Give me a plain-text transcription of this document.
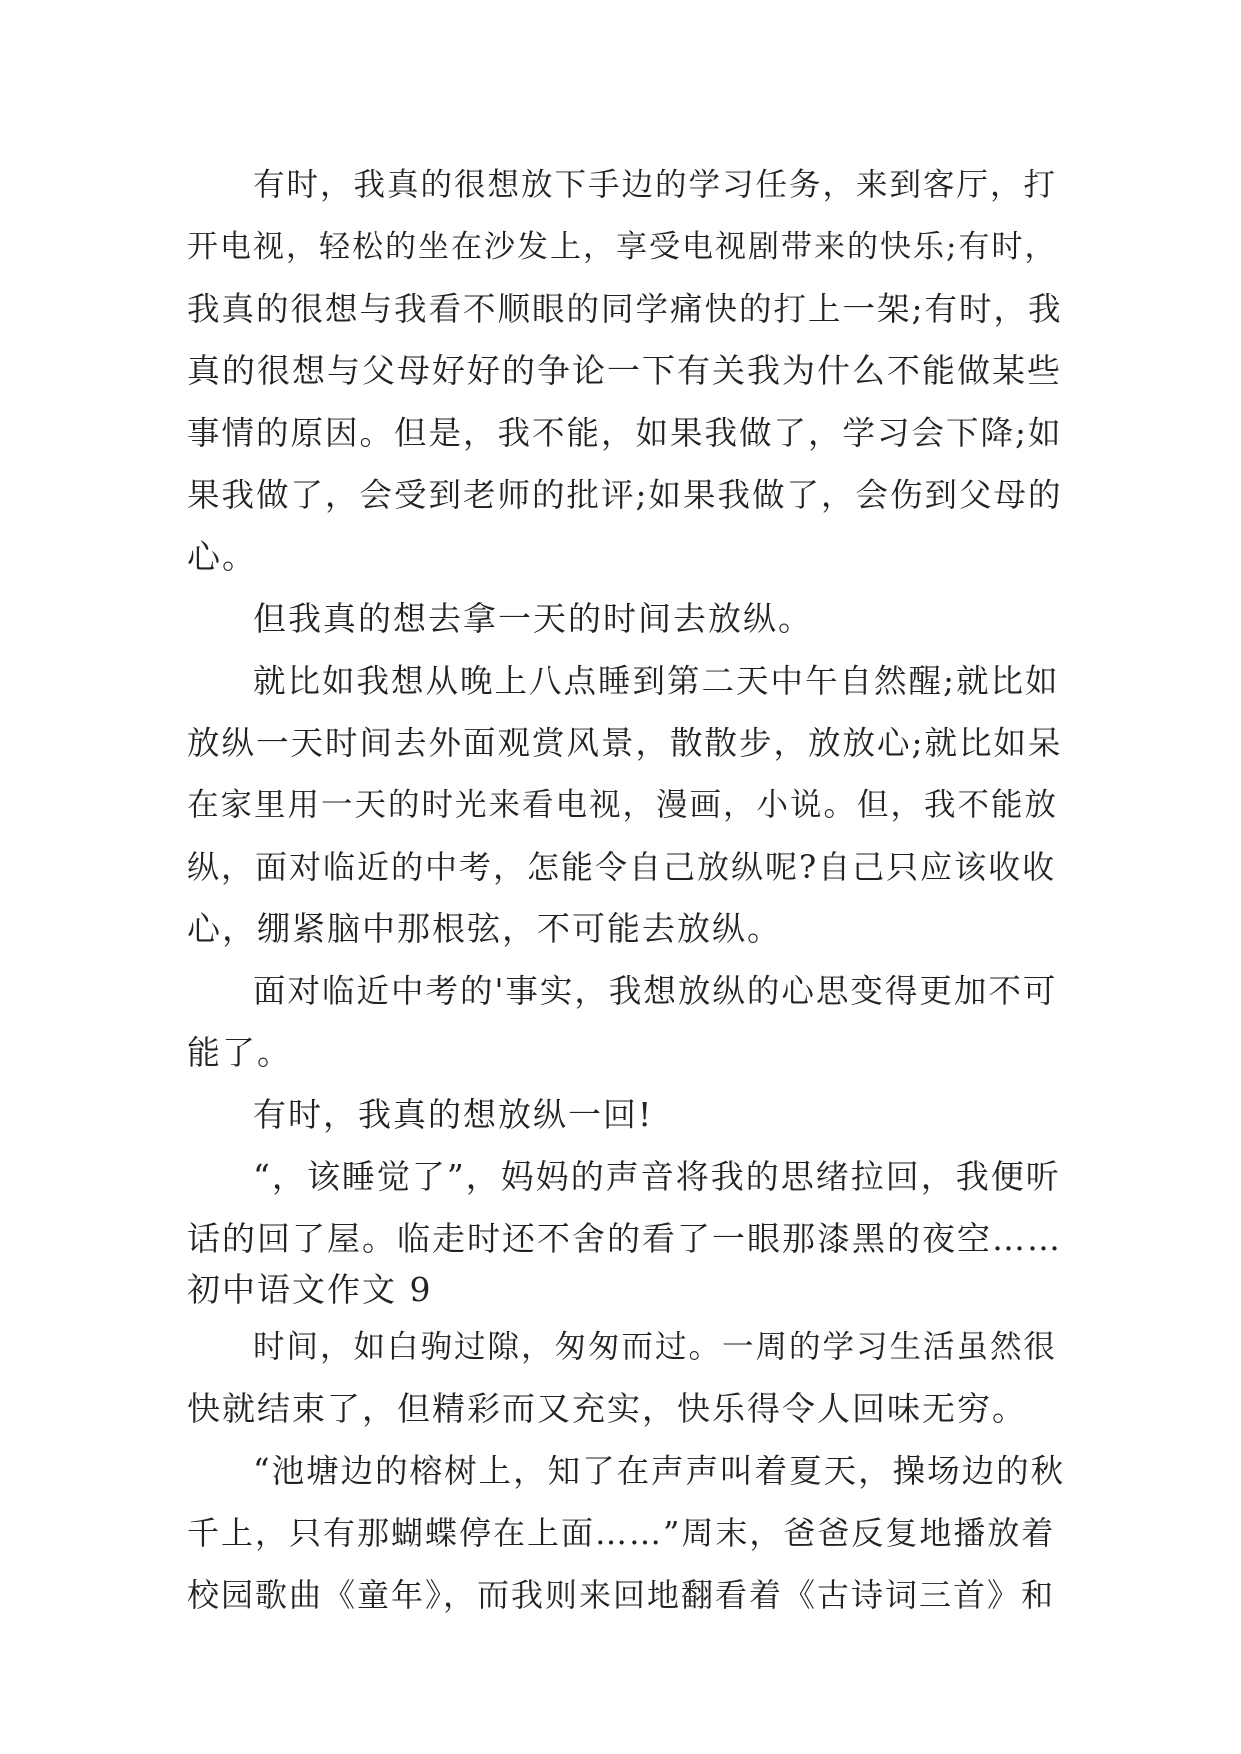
有时，我真的很想放下手边的学习任务，来到客厅，打
开电视，轻松的坐在沙发上，享受电视剧带来的快乐;有时，
我真的很想与我看不顺眼的同学痛快的打上一架;有时，我
真的很想与父母好好的争论一下有关我为什么不能做某些
事情的原因。但是，我不能，如果我做了，学习会下降;如
果我做了，会受到老师的批评;如果我做了，会伤到父母的
心。
但我真的想去拿一天的时间去放纵。
就比如我想从晚上八点睡到第二天中午自然醒;就比如
放纵一天时间去外面观赏风景，散散步，放放心;就比如呆
在家里用一天的时光来看电视，漫画，小说。但，我不能放
纵，面对临近的中考，怎能令自己放纵呢?自己只应该收收
心，绷紧脑中那根弦，不可能去放纵。
面对临近中考的'事实，我想放纵的心思变得更加不可
能了。
有时，我真的想放纵一回!
“，该睡觉了”，妈妈的声音将我的思绪拉回，我便听
话的回了屋。临走时还不舍的看了一眼那漆黑的夜空……
初中语文作文 9
时间，如白驹过隙，匆匆而过。一周的学习生活虽然很
快就结束了，但精彩而又充实，快乐得令人回味无穷。
“池塘边的榕树上，知了在声声叫着夏天，操场边的秋
千上，只有那蝴蝶停在上面……”周末，爸爸反复地播放着
校园歌曲《童年》，而我则来回地翻看着《古诗词三首》和
